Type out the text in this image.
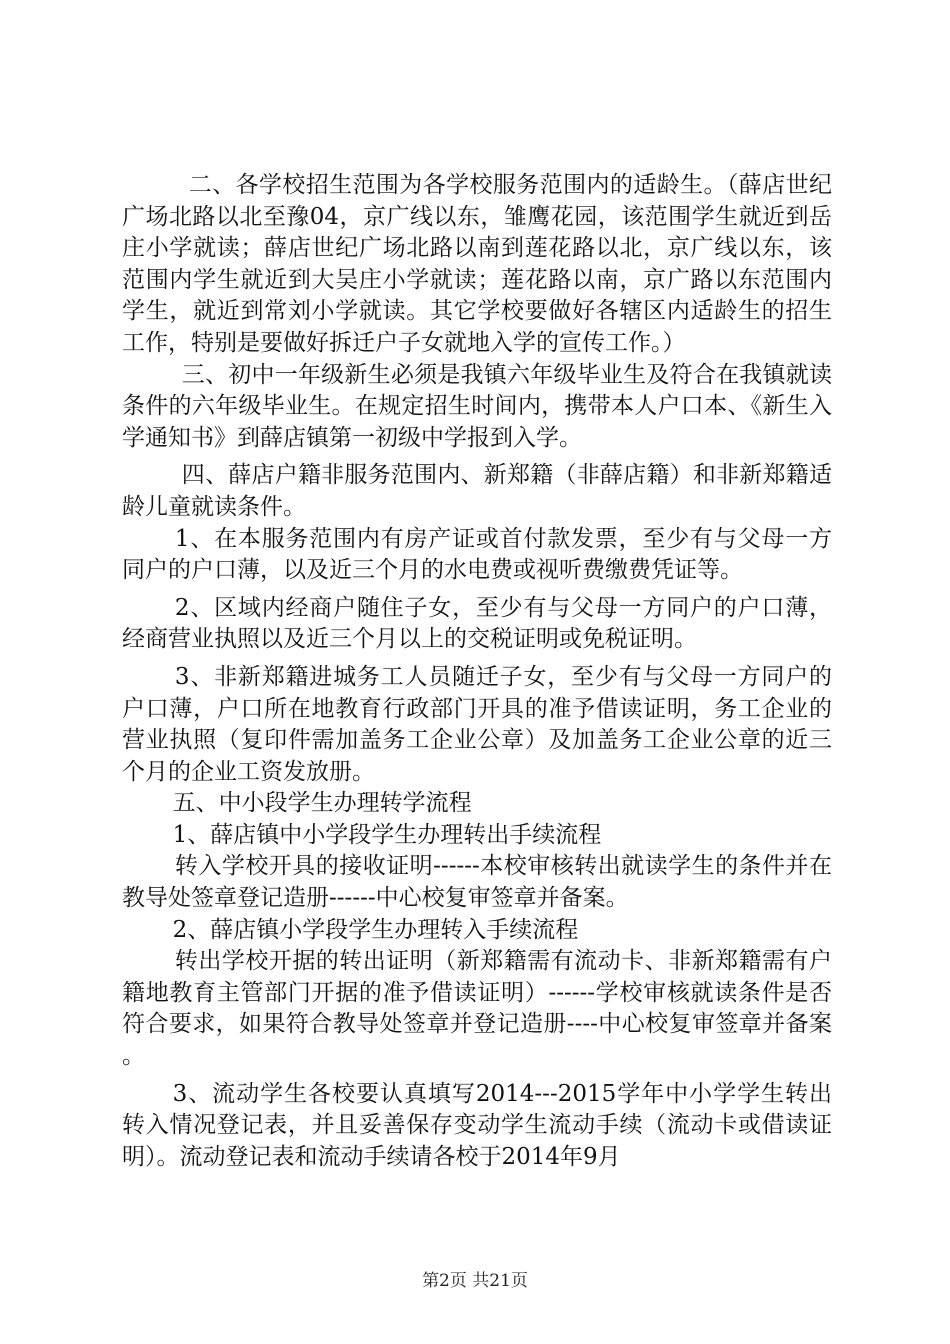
二、各学校招生范围为各学校服务范围内的适龄生。（薛店世纪广场北路以北至豫04，京广线以东，雏鹰花园，该范围学生就近到岳庄小学就读；薛店世纪广场北路以南到莲花路以北，京广线以东，该范围内学生就近到大吴庄小学就读；莲花路以南，京广路以东范围内学生，就近到常刘小学就读。其它学校要做好各辖区内适龄生的招生工作，特别是要做好拆迁户子女就地入学的宣传工作。）

三、初中一年级新生必须是我镇六年级毕业生及符合在我镇就读条件的六年级毕业生。在规定招生时间内，携带本人户口本、《新生入学通知书》到薛店镇第一初级中学报到入学。

四、薛店户籍非服务范围内、新郑籍（非薛店籍）和非新郑籍适龄儿童就读条件。

1、在本服务范围内有房产证或首付款发票，至少有与父母一方同户的户口薄，以及近三个月的水电费或视听费缴费凭证等。

2、区域内经商户随住子女，至少有与父母一方同户的户口薄，经商营业执照以及近三个月以上的交税证明或免税证明。

3、非新郑籍进城务工人员随迁子女，至少有与父母一方同户的户口薄，户口所在地教育行政部门开具的准予借读证明，务工企业的营业执照（复印件需加盖务工企业公章）及加盖务工企业公章的近三个月的企业工资发放册。

五、中小段学生办理转学流程

1、薛店镇中小学段学生办理转出手续流程

转入学校开具的接收证明------本校审核转出就读学生的条件并在教导处签章登记造册------中心校复审签章并备案。

2、薛店镇小学段学生办理转入手续流程

转出学校开据的转出证明（新郑籍需有流动卡、非新郑籍需有户籍地教育主管部门开据的准予借读证明）------学校审核就读条件是否符合要求，如果符合教导处签章并登记造册----中心校复审签章并备案。

3、流动学生各校要认真填写2014---2015学年中小学学生转出转入情况登记表，并且妥善保存变动学生流动手续（流动卡或借读证明）。流动登记表和流动手续请各校于2014年9月

第2页 共21页
